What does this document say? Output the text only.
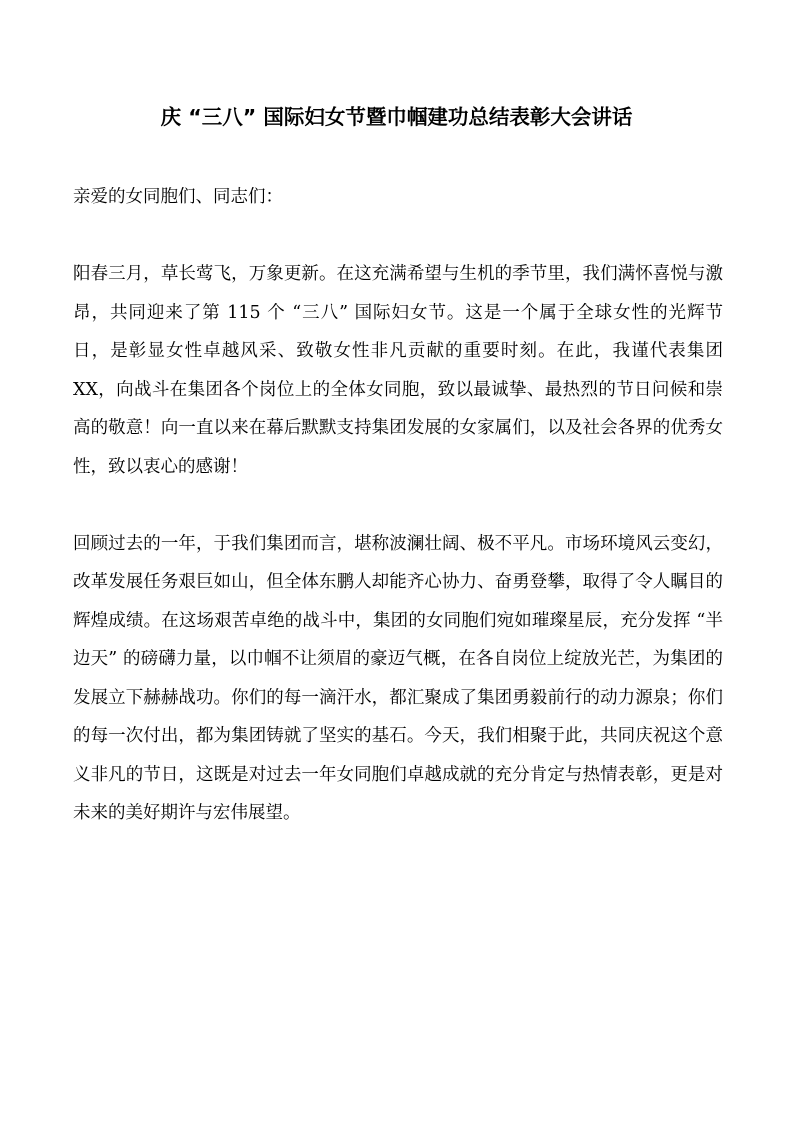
庆 “三八” 国际妇女节暨巾帼建功总结表彰大会讲话

亲爱的女同胞们、同志们：

阳春三月，草长莺飞，万象更新。在这充满希望与生机的季节里，我们满怀喜悦与激昂，共同迎来了第 115 个 “三八” 国际妇女节。这是一个属于全球女性的光辉节日，是彰显女性卓越风采、致敬女性非凡贡献的重要时刻。在此，我谨代表集团XX，向战斗在集团各个岗位上的全体女同胞，致以最诚挚、最热烈的节日问候和崇高的敬意！向一直以来在幕后默默支持集团发展的女家属们，以及社会各界的优秀女性，致以衷心的感谢！

回顾过去的一年，于我们集团而言，堪称波澜壮阔、极不平凡。市场环境风云变幻，改革发展任务艰巨如山，但全体东鹏人却能齐心协力、奋勇登攀，取得了令人瞩目的辉煌成绩。在这场艰苦卓绝的战斗中，集团的女同胞们宛如璀璨星辰，充分发挥 “半边天” 的磅礴力量，以巾帼不让须眉的豪迈气概，在各自岗位上绽放光芒，为集团的发展立下赫赫战功。你们的每一滴汗水，都汇聚成了集团勇毅前行的动力源泉；你们的每一次付出，都为集团铸就了坚实的基石。今天，我们相聚于此，共同庆祝这个意义非凡的节日，这既是对过去一年女同胞们卓越成就的充分肯定与热情表彰，更是对未来的美好期许与宏伟展望。
